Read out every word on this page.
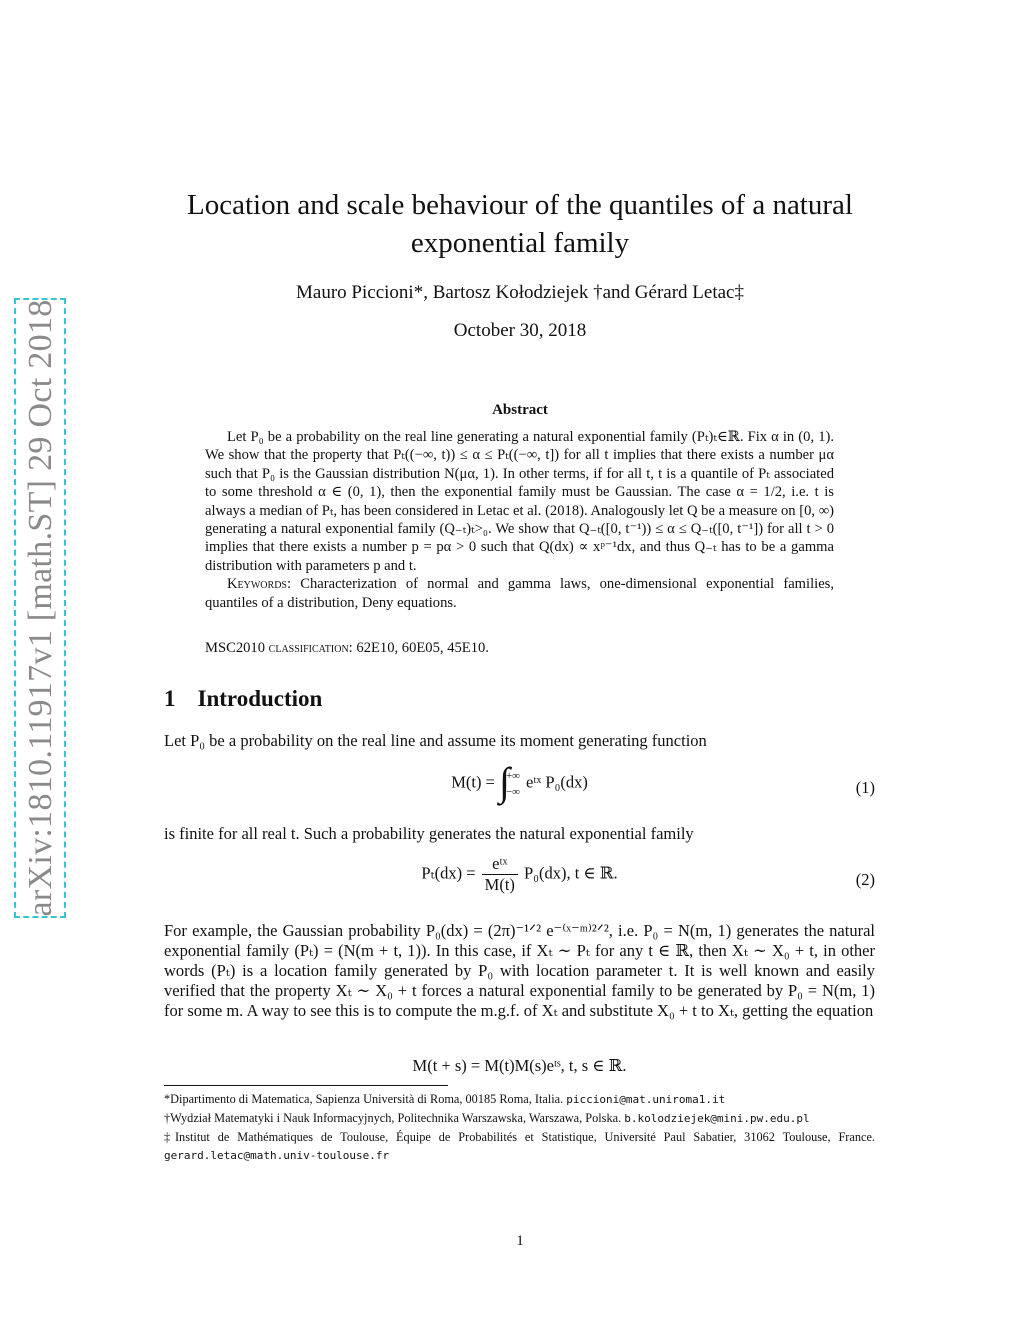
arXiv:1810.11917v1 [math.ST] 29 Oct 2018
Location and scale behaviour of the quantiles of a natural
exponential family
Mauro Piccioni*, Bartosz Kołodziejek †and Gérard Letac‡
October 30, 2018
Abstract

Let P₀ be a probability on the real line generating a natural exponential family (Pₜ)ₜ∈ℝ. Fix α in (0, 1). We show that the property that Pₜ((−∞, t)) ≤ α ≤ Pₜ((−∞, t]) for all t implies that there exists a number μα such that P₀ is the Gaussian distribution N(μα, 1). In other terms, if for all t, t is a quantile of Pₜ associated to some threshold α ∈ (0, 1), then the exponential family must be Gaussian. The case α = 1/2, i.e. t is always a median of Pₜ, has been considered in Letac et al. (2018). Analogously let Q be a measure on [0, ∞) generating a natural exponential family (Q₋ₜ)ₜ>₀. We show that Q₋ₜ([0, t⁻¹)) ≤ α ≤ Q₋ₜ([0, t⁻¹]) for all t > 0 implies that there exists a number p = pα > 0 such that Q(dx) ∝ xᵖ⁻¹dx, and thus Q₋ₜ has to be a gamma distribution with parameters p and t.

Keywords: Characterization of normal and gamma laws, one-dimensional exponential families, quantiles of a distribution, Deny equations.

MSC2010 classification: 62E10, 60E05, 45E10.
1 Introduction

Let P₀ be a probability on the real line and assume its moment generating function

M(t) = ∫
+∞
−∞
eᵗˣ P₀(dx)	(1)

is finite for all real t. Such a probability generates the natural exponential family

$P_t(dx) = \frac{\text{eᵗˣ}}{M(t)} P_0(dx)$, t ∈ ℝ.	(2)

For example, the Gaussian probability P₀(dx) = (2π)⁻¹ᐟ² e⁻⁽ˣ⁻ᵐ⁾²ᐟ², i.e. P₀ = N(m, 1) generates the natural exponential family (Pₜ) = (N(m + t, 1)). In this case, if Xₜ ∼ Pₜ for any t ∈ ℝ, then Xₜ ∼ X₀ + t, in other words (Pₜ) is a location family generated by P₀ with location parameter t. It is well known and easily verified that the property Xₜ ∼ X₀ + t forces a natural exponential family to be generated by P₀ = N(m, 1) for some m. A way to see this is to compute the m.g.f. of Xₜ and substitute X₀ + t to Xₜ, getting the equation

M(t + s) = M(t)M(s)eᵗˢ, t, s ∈ ℝ.

*Dipartimento di Matematica, Sapienza Università di Roma, 00185 Roma, Italia. piccioni@mat.uniroma1.it

†Wydział Matematyki i Nauk Informacyjnych, Politechnika Warszawska, Warszawa, Polska. b.kolodziejek@mini.pw.edu.pl

‡Institut de Mathématiques de Toulouse, Équipe de Probabilités et Statistique, Université Paul Sabatier, 31062 Toulouse, France. gerard.letac@math.univ-toulouse.fr

1
